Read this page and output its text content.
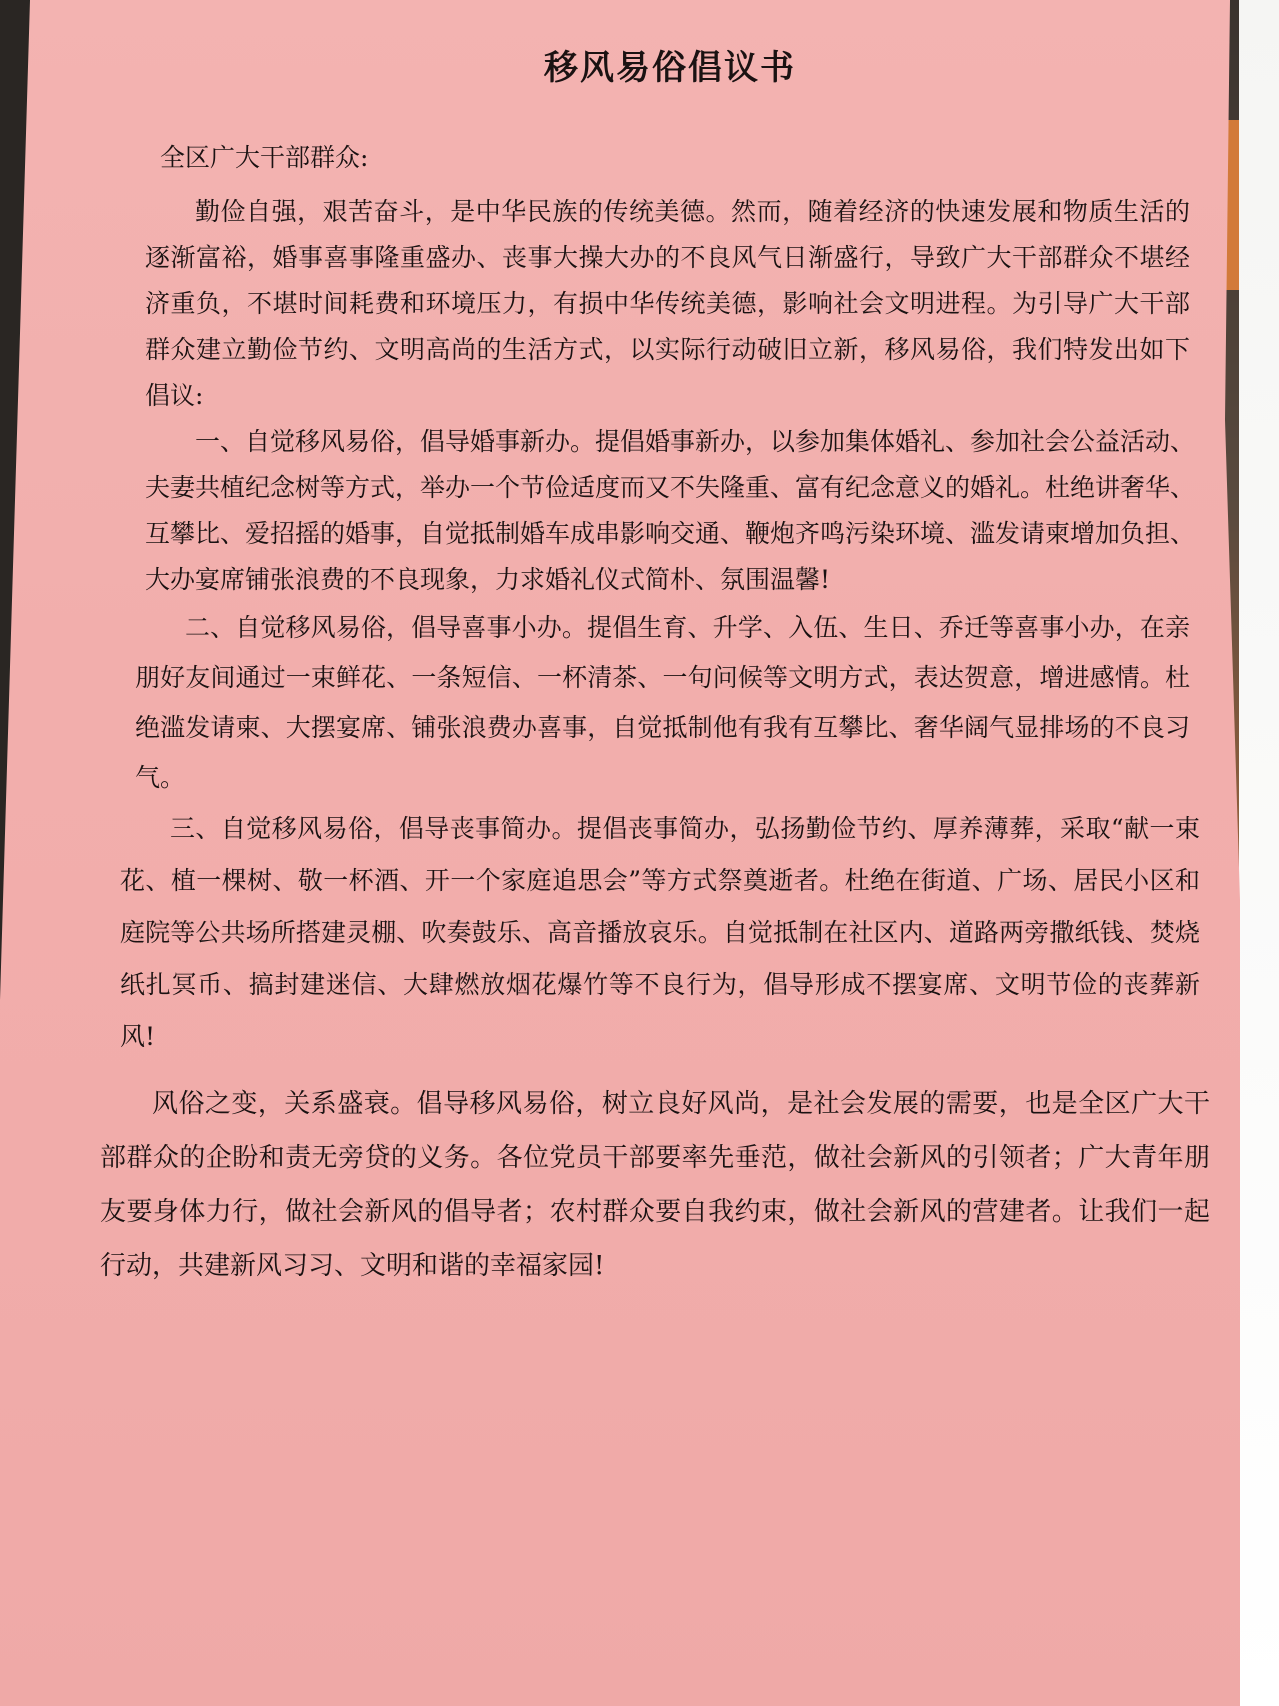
移风易俗倡议书
全区广大干部群众:

勤俭自强，艰苦奋斗，是中华民族的传统美德。然而，随着经济的快速发展和物质生活的逐渐富裕，婚事喜事隆重盛办、丧事大操大办的不良风气日渐盛行，导致广大干部群众不堪经济重负，不堪时间耗费和环境压力，有损中华传统美德，影响社会文明进程。为引导广大干部群众建立勤俭节约、文明高尚的生活方式，以实际行动破旧立新，移风易俗，我们特发出如下倡议:

一、自觉移风易俗，倡导婚事新办。提倡婚事新办，以参加集体婚礼、参加社会公益活动、夫妻共植纪念树等方式，举办一个节俭适度而又不失隆重、富有纪念意义的婚礼。杜绝讲奢华、互攀比、爱招摇的婚事，自觉抵制婚车成串影响交通、鞭炮齐鸣污染环境、滥发请柬增加负担、大办宴席铺张浪费的不良现象，力求婚礼仪式简朴、氛围温馨!

二、自觉移风易俗，倡导喜事小办。提倡生育、升学、入伍、生日、乔迁等喜事小办，在亲朋好友间通过一束鲜花、一条短信、一杯清茶、一句问候等文明方式，表达贺意，增进感情。杜绝滥发请柬、大摆宴席、铺张浪费办喜事，自觉抵制他有我有互攀比、奢华阔气显排场的不良习气。

三、自觉移风易俗，倡导丧事简办。提倡丧事简办，弘扬勤俭节约、厚养薄葬，采取“献一束花、植一棵树、敬一杯酒、开一个家庭追思会”等方式祭奠逝者。杜绝在街道、广场、居民小区和庭院等公共场所搭建灵棚、吹奏鼓乐、高音播放哀乐。自觉抵制在社区内、道路两旁撒纸钱、焚烧纸扎冥币、搞封建迷信、大肆燃放烟花爆竹等不良行为，倡导形成不摆宴席、文明节俭的丧葬新风!

风俗之变，关系盛衰。倡导移风易俗，树立良好风尚，是社会发展的需要，也是全区广大干部群众的企盼和责无旁贷的义务。各位党员干部要率先垂范，做社会新风的引领者；广大青年朋友要身体力行，做社会新风的倡导者；农村群众要自我约束，做社会新风的营建者。让我们一起行动，共建新风习习、文明和谐的幸福家园!
